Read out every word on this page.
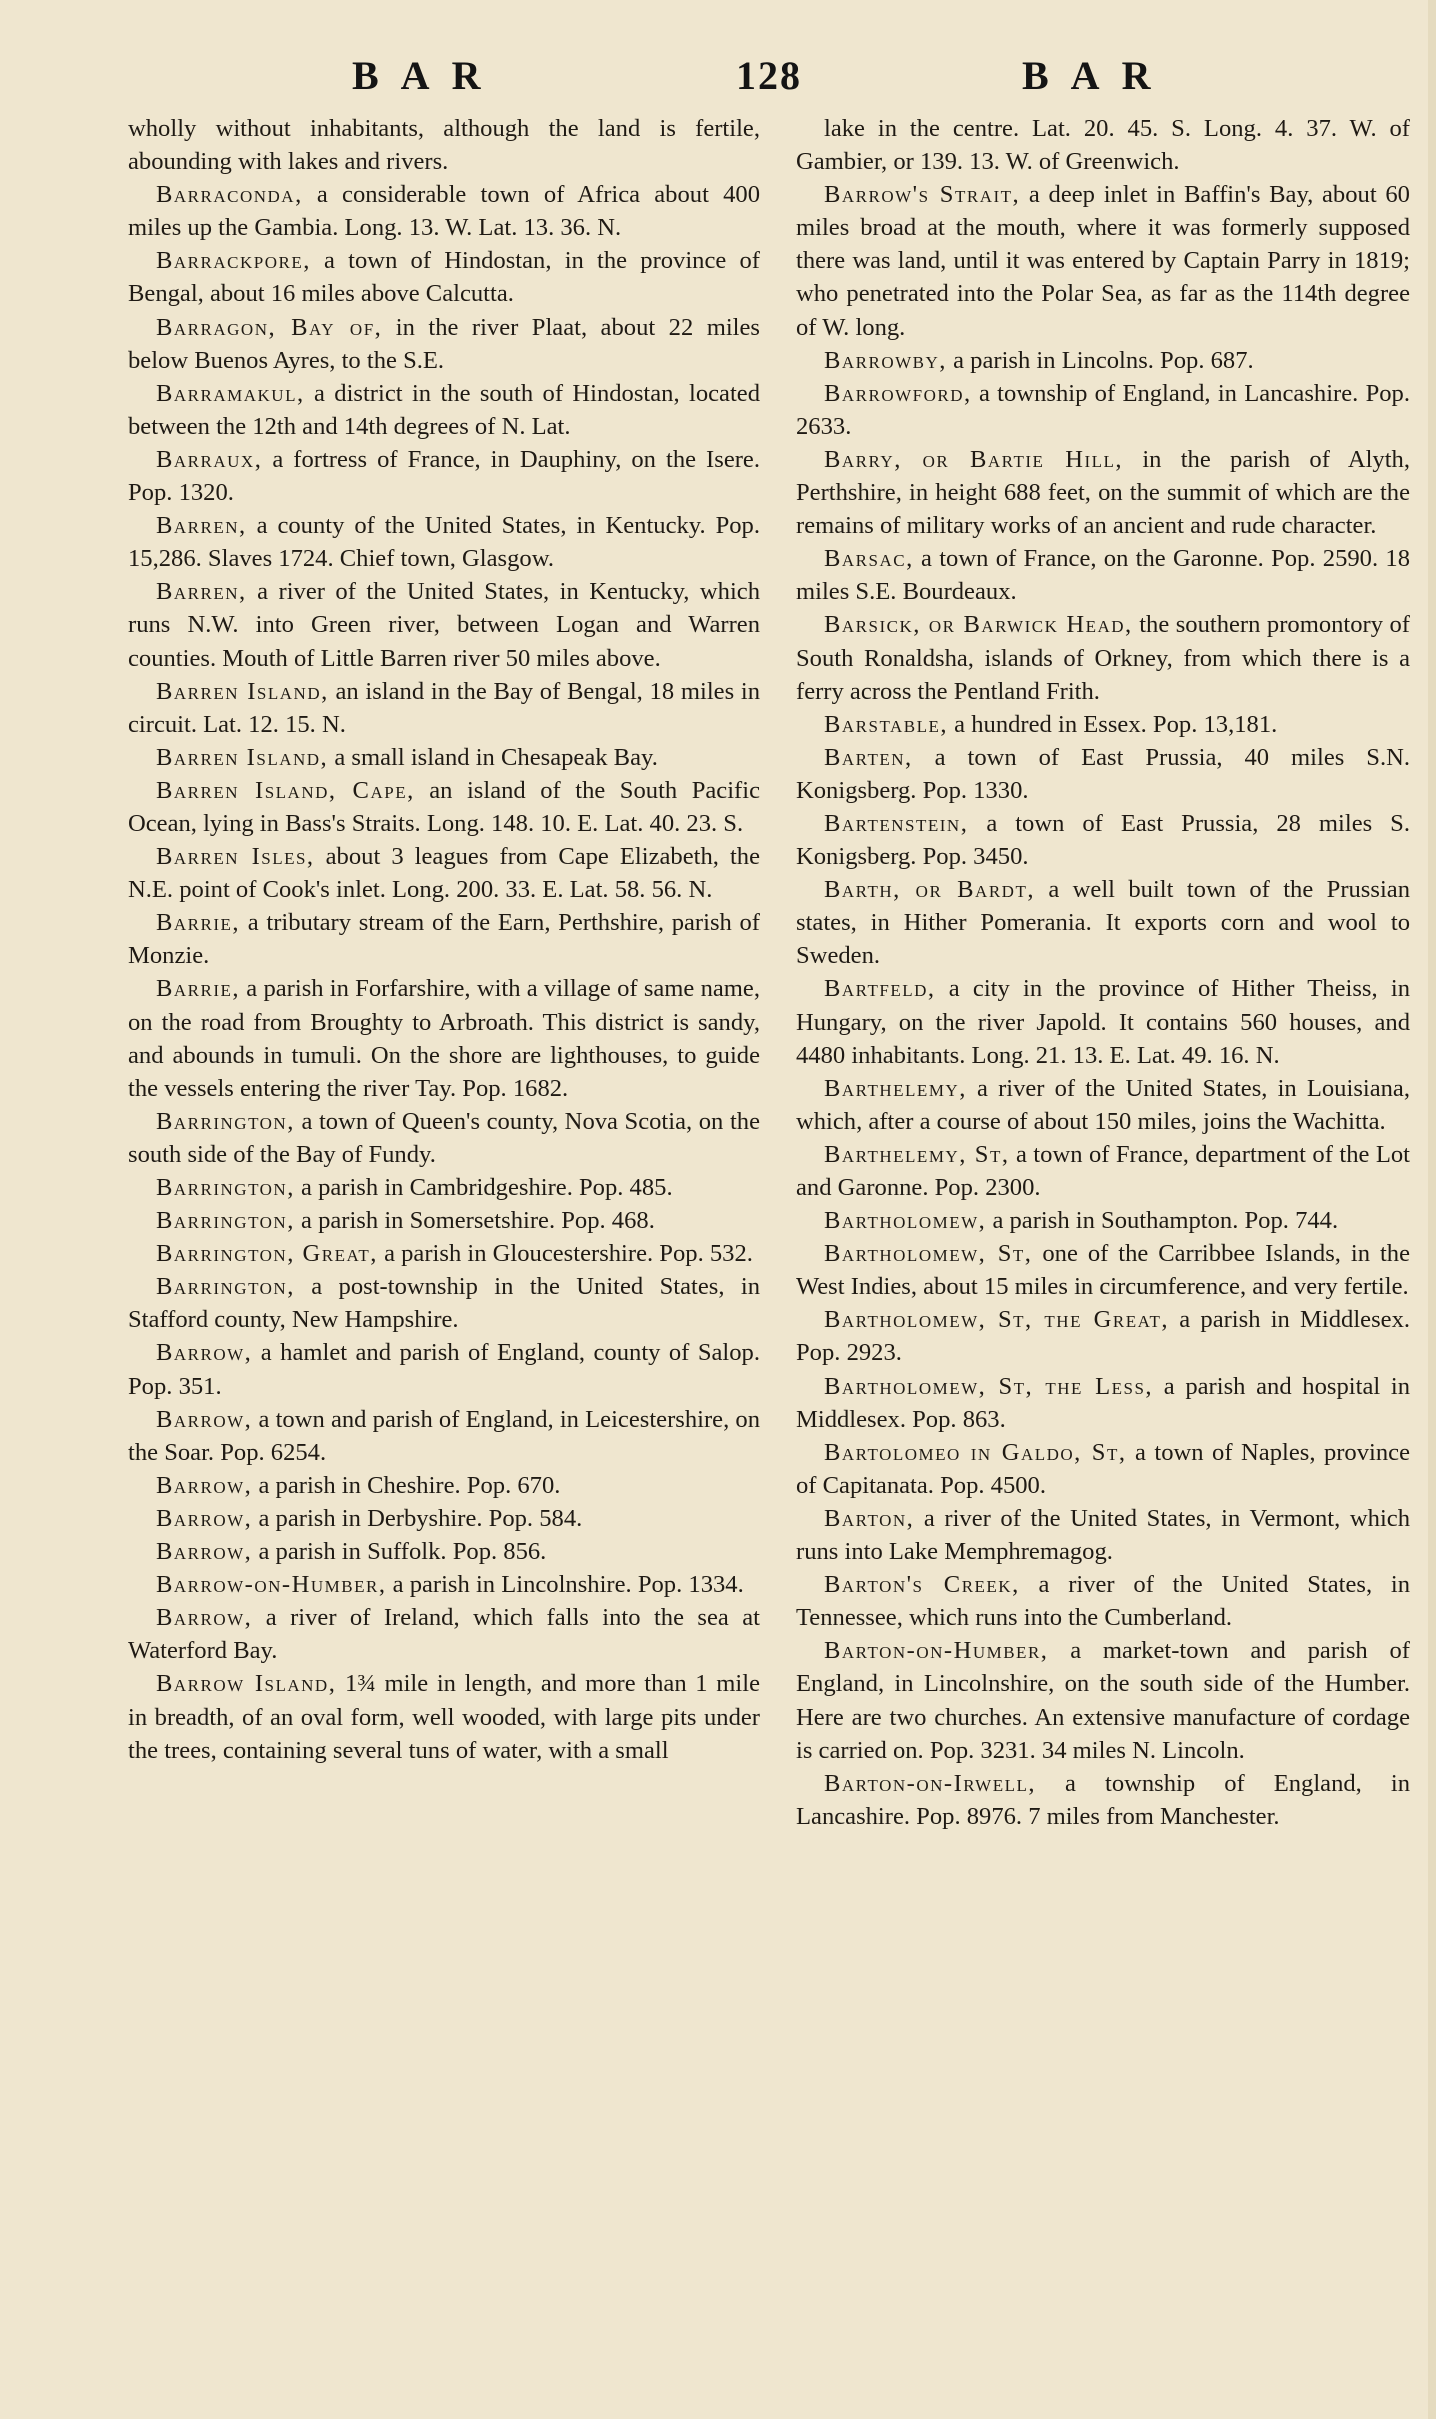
BAR	128	BAR

wholly without inhabitants, although the land is fertile, abounding with lakes and rivers.

Barraconda, a considerable town of Africa about 400 miles up the Gambia. Long. 13. W. Lat. 13. 36. N.

Barrackpore, a town of Hindostan, in the province of Bengal, about 16 miles above Calcutta.

Barragon, Bay of, in the river Plaat, about 22 miles below Buenos Ayres, to the S.E.

Barramakul, a district in the south of Hindostan, located between the 12th and 14th degrees of N. Lat.

Barraux, a fortress of France, in Dauphiny, on the Isere. Pop. 1320.

Barren, a county of the United States, in Kentucky. Pop. 15,286. Slaves 1724. Chief town, Glasgow.

Barren, a river of the United States, in Kentucky, which runs N.W. into Green river, between Logan and Warren counties. Mouth of Little Barren river 50 miles above.

Barren Island, an island in the Bay of Bengal, 18 miles in circuit. Lat. 12. 15. N.

Barren Island, a small island in Chesapeak Bay.

Barren Island, Cape, an island of the South Pacific Ocean, lying in Bass's Straits. Long. 148. 10. E. Lat. 40. 23. S.

Barren Isles, about 3 leagues from Cape Elizabeth, the N.E. point of Cook's inlet. Long. 200. 33. E. Lat. 58. 56. N.

Barrie, a tributary stream of the Earn, Perthshire, parish of Monzie.

Barrie, a parish in Forfarshire, with a village of same name, on the road from Broughty to Arbroath. This district is sandy, and abounds in tumuli. On the shore are lighthouses, to guide the vessels entering the river Tay. Pop. 1682.

Barrington, a town of Queen's county, Nova Scotia, on the south side of the Bay of Fundy.

Barrington, a parish in Cambridgeshire. Pop. 485.

Barrington, a parish in Somersetshire. Pop. 468.

Barrington, Great, a parish in Gloucestershire. Pop. 532.

Barrington, a post-township in the United States, in Stafford county, New Hampshire.

Barrow, a hamlet and parish of England, county of Salop. Pop. 351.

Barrow, a town and parish of England, in Leicestershire, on the Soar. Pop. 6254.

Barrow, a parish in Cheshire. Pop. 670.

Barrow, a parish in Derbyshire. Pop. 584.

Barrow, a parish in Suffolk. Pop. 856.

Barrow-on-Humber, a parish in Lincolnshire. Pop. 1334.

Barrow, a river of Ireland, which falls into the sea at Waterford Bay.

Barrow Island, 1¾ mile in length, and more than 1 mile in breadth, of an oval form, well wooded, with large pits under the trees, containing several tuns of water, with a small

lake in the centre. Lat. 20. 45. S. Long. 4. 37. W. of Gambier, or 139. 13. W. of Greenwich.

Barrow's Strait, a deep inlet in Baffin's Bay, about 60 miles broad at the mouth, where it was formerly supposed there was land, until it was entered by Captain Parry in 1819; who penetrated into the Polar Sea, as far as the 114th degree of W. long.

Barrowby, a parish in Lincolns. Pop. 687.

Barrowford, a township of England, in Lancashire. Pop. 2633.

Barry, or Bartie Hill, in the parish of Alyth, Perthshire, in height 688 feet, on the summit of which are the remains of military works of an ancient and rude character.

Barsac, a town of France, on the Garonne. Pop. 2590. 18 miles S.E. Bourdeaux.

Barsick, or Barwick Head, the southern promontory of South Ronaldsha, islands of Orkney, from which there is a ferry across the Pentland Frith.

Barstable, a hundred in Essex. Pop. 13,181.

Barten, a town of East Prussia, 40 miles S.N. Konigsberg. Pop. 1330.

Bartenstein, a town of East Prussia, 28 miles S. Konigsberg. Pop. 3450.

Barth, or Bardt, a well built town of the Prussian states, in Hither Pomerania. It exports corn and wool to Sweden.

Bartfeld, a city in the province of Hither Theiss, in Hungary, on the river Japold. It contains 560 houses, and 4480 inhabitants. Long. 21. 13. E. Lat. 49. 16. N.

Barthelemy, a river of the United States, in Louisiana, which, after a course of about 150 miles, joins the Wachitta.

Barthelemy, St, a town of France, department of the Lot and Garonne. Pop. 2300.

Bartholomew, a parish in Southampton. Pop. 744.

Bartholomew, St, one of the Carribbee Islands, in the West Indies, about 15 miles in circumference, and very fertile.

Bartholomew, St, the Great, a parish in Middlesex. Pop. 2923.

Bartholomew, St, the Less, a parish and hospital in Middlesex. Pop. 863.

Bartolomeo in Galdo, St, a town of Naples, province of Capitanata. Pop. 4500.

Barton, a river of the United States, in Vermont, which runs into Lake Memphremagog.

Barton's Creek, a river of the United States, in Tennessee, which runs into the Cumberland.

Barton-on-Humber, a market-town and parish of England, in Lincolnshire, on the south side of the Humber. Here are two churches. An extensive manufacture of cordage is carried on. Pop. 3231. 34 miles N. Lincoln.

Barton-on-Irwell, a township of England, in Lancashire. Pop. 8976. 7 miles from Manchester.
